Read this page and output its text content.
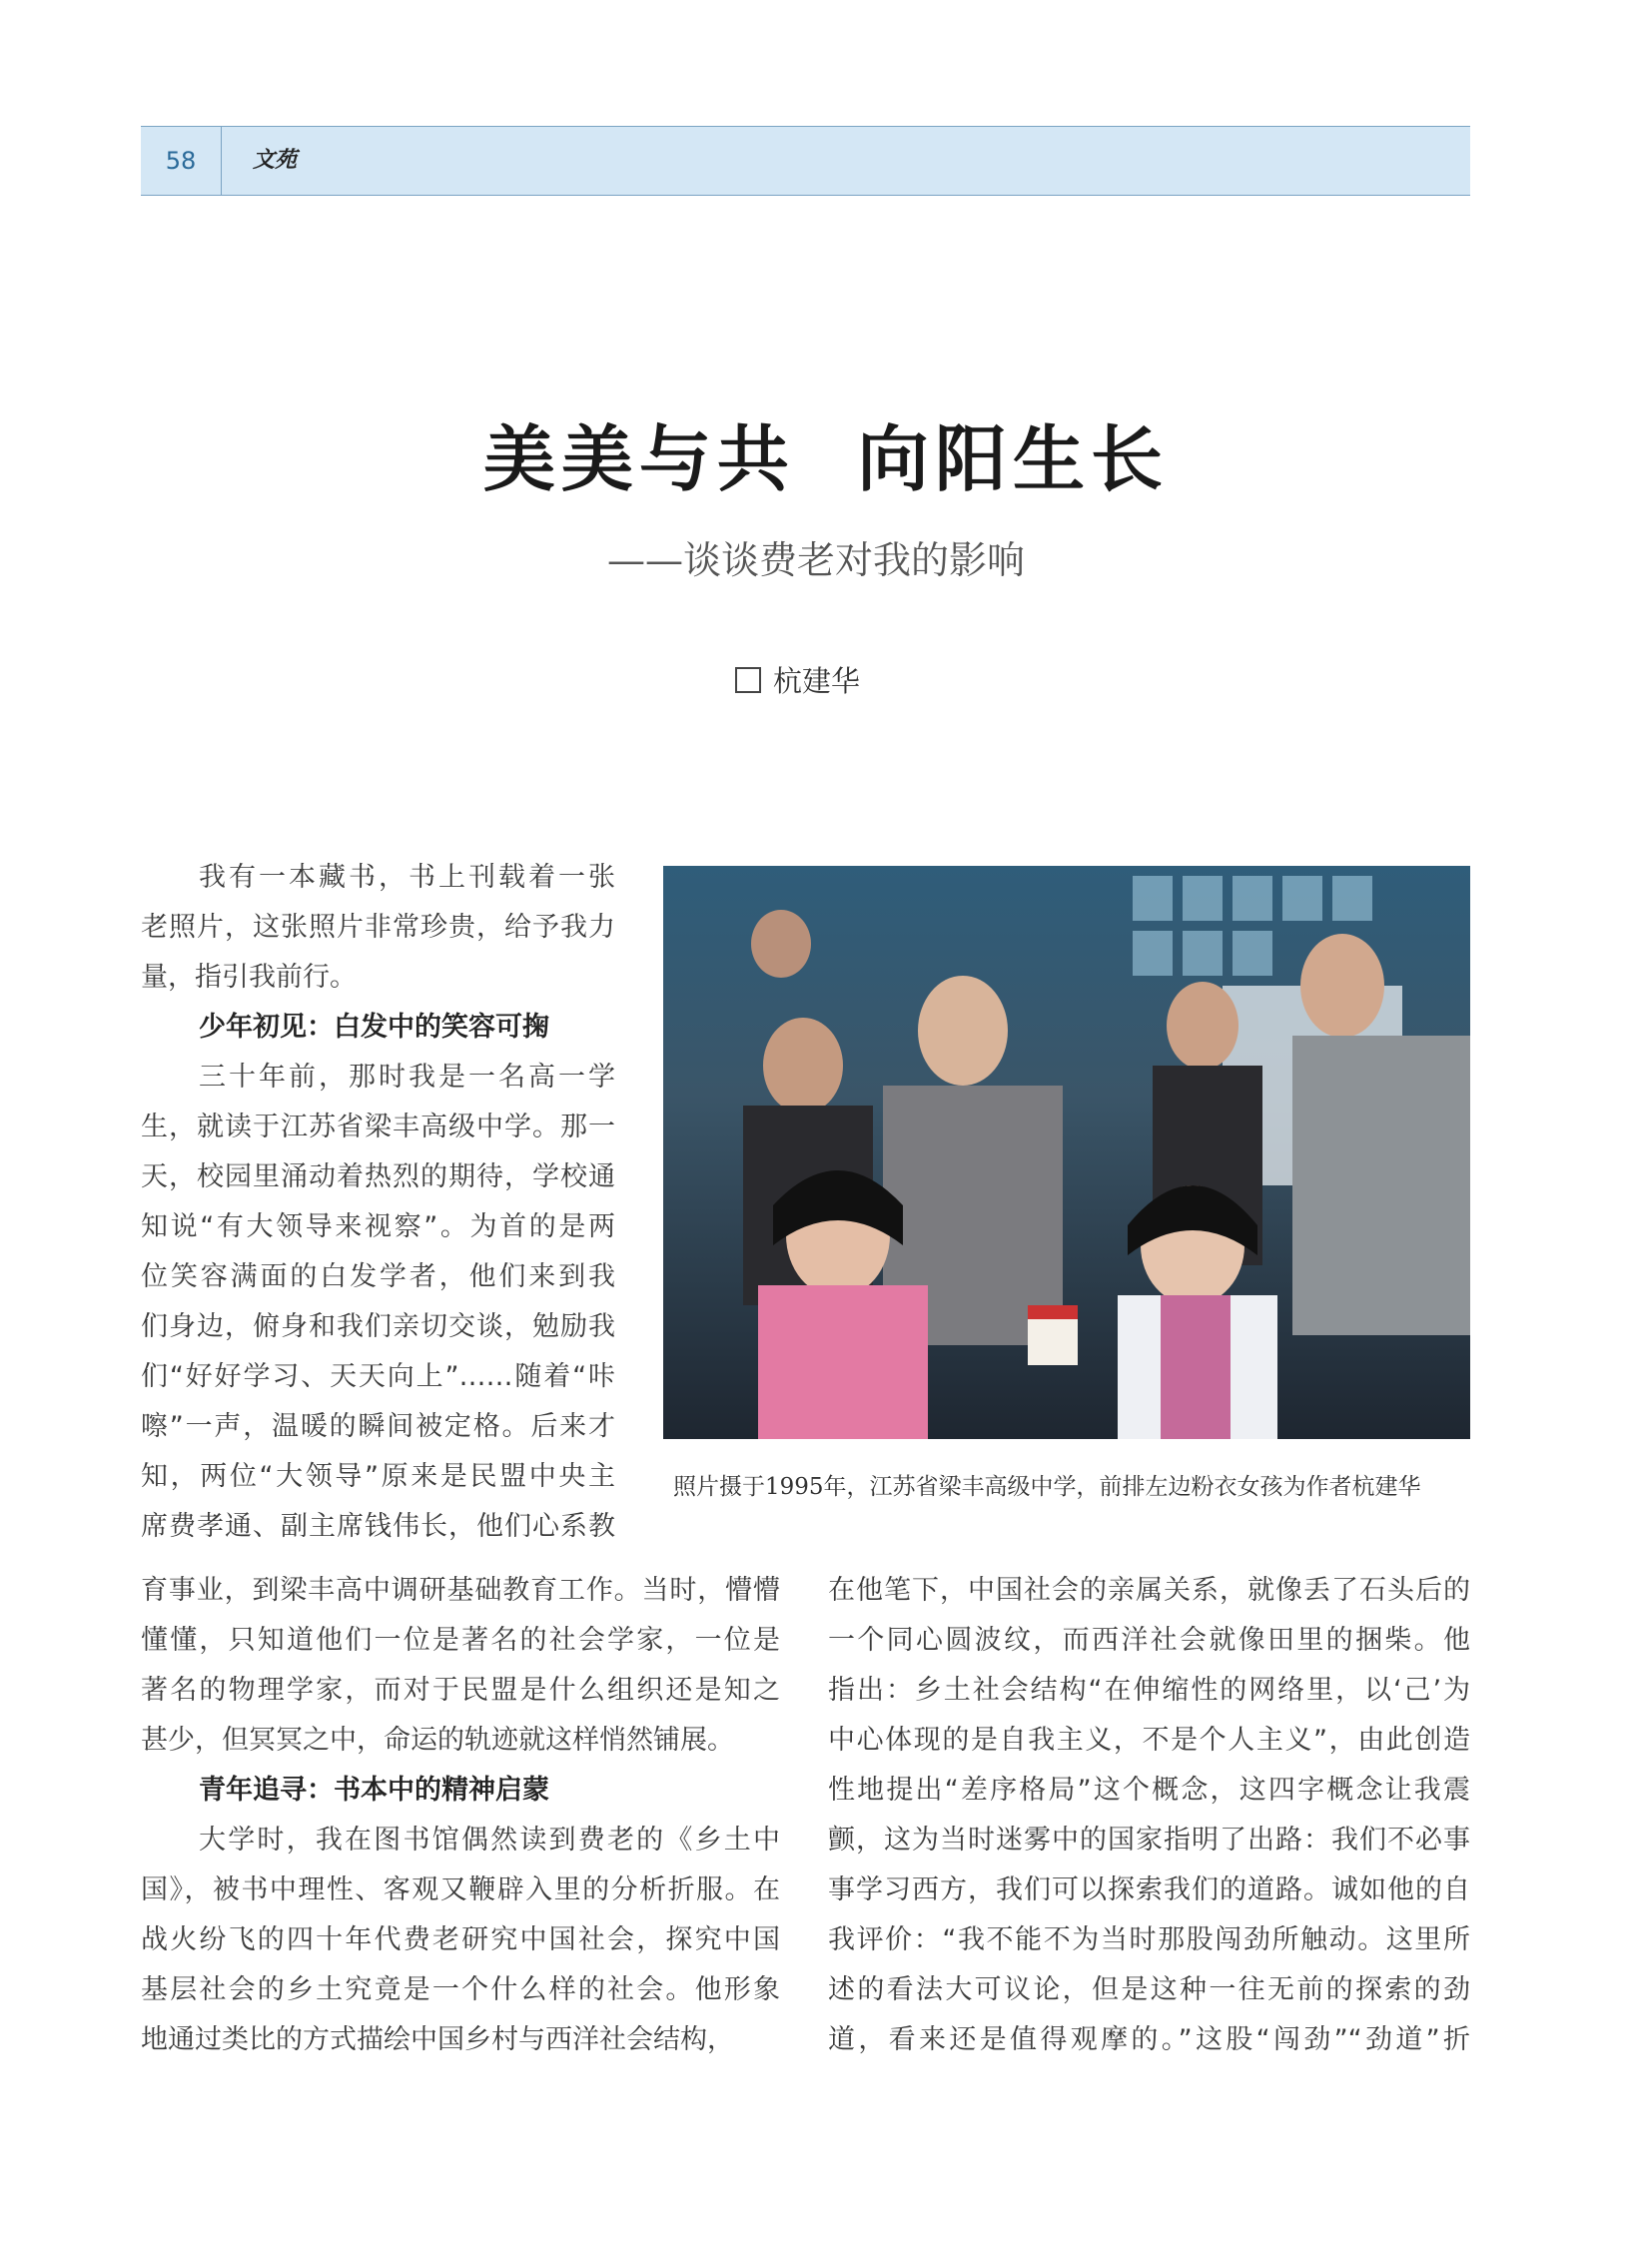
58	文苑
美美与共  向阳生长
——谈谈费老对我的影响
杭建华
照片摄于1995年，江苏省梁丰高级中学，前排左边粉衣女孩为作者杭建华

我有一本藏书，书上刊载着一张

老照片，这张照片非常珍贵，给予我力

量，指引我前行。

少年初见：白发中的笑容可掬

三十年前，那时我是一名高一学

生，就读于江苏省梁丰高级中学。那一

天，校园里涌动着热烈的期待，学校通

知说“有大领导来视察”。为首的是两

位笑容满面的白发学者，他们来到我

们身边，俯身和我们亲切交谈，勉励我

们“好好学习、天天向上”……随着“咔

嚓”一声，温暖的瞬间被定格。后来才

知，两位“大领导”原来是民盟中央主

席费孝通、副主席钱伟长，他们心系教

育事业，到梁丰高中调研基础教育工作。当时，懵懵

懂懂，只知道他们一位是著名的社会学家，一位是

著名的物理学家，而对于民盟是什么组织还是知之

甚少，但冥冥之中，命运的轨迹就这样悄然铺展。

青年追寻：书本中的精神启蒙

大学时，我在图书馆偶然读到费老的《乡土中

国》，被书中理性、客观又鞭辟入里的分析折服。在

战火纷飞的四十年代费老研究中国社会，探究中国

基层社会的乡土究竟是一个什么样的社会。他形象

地通过类比的方式描绘中国乡村与西洋社会结构，

在他笔下，中国社会的亲属关系，就像丢了石头后的

一个同心圆波纹，而西洋社会就像田里的捆柴。他

指出：乡土社会结构“在伸缩性的网络里，以‘己’为

中心体现的是自我主义，不是个人主义”，由此创造

性地提出“差序格局”这个概念，这四字概念让我震

颤，这为当时迷雾中的国家指明了出路：我们不必事

事学习西方，我们可以探索我们的道路。诚如他的自

我评价：“我不能不为当时那股闯劲所触动。这里所

述的看法大可议论，但是这种一往无前的探索的劲

道，看来还是值得观摩的。”这股“闯劲”“劲道”折
